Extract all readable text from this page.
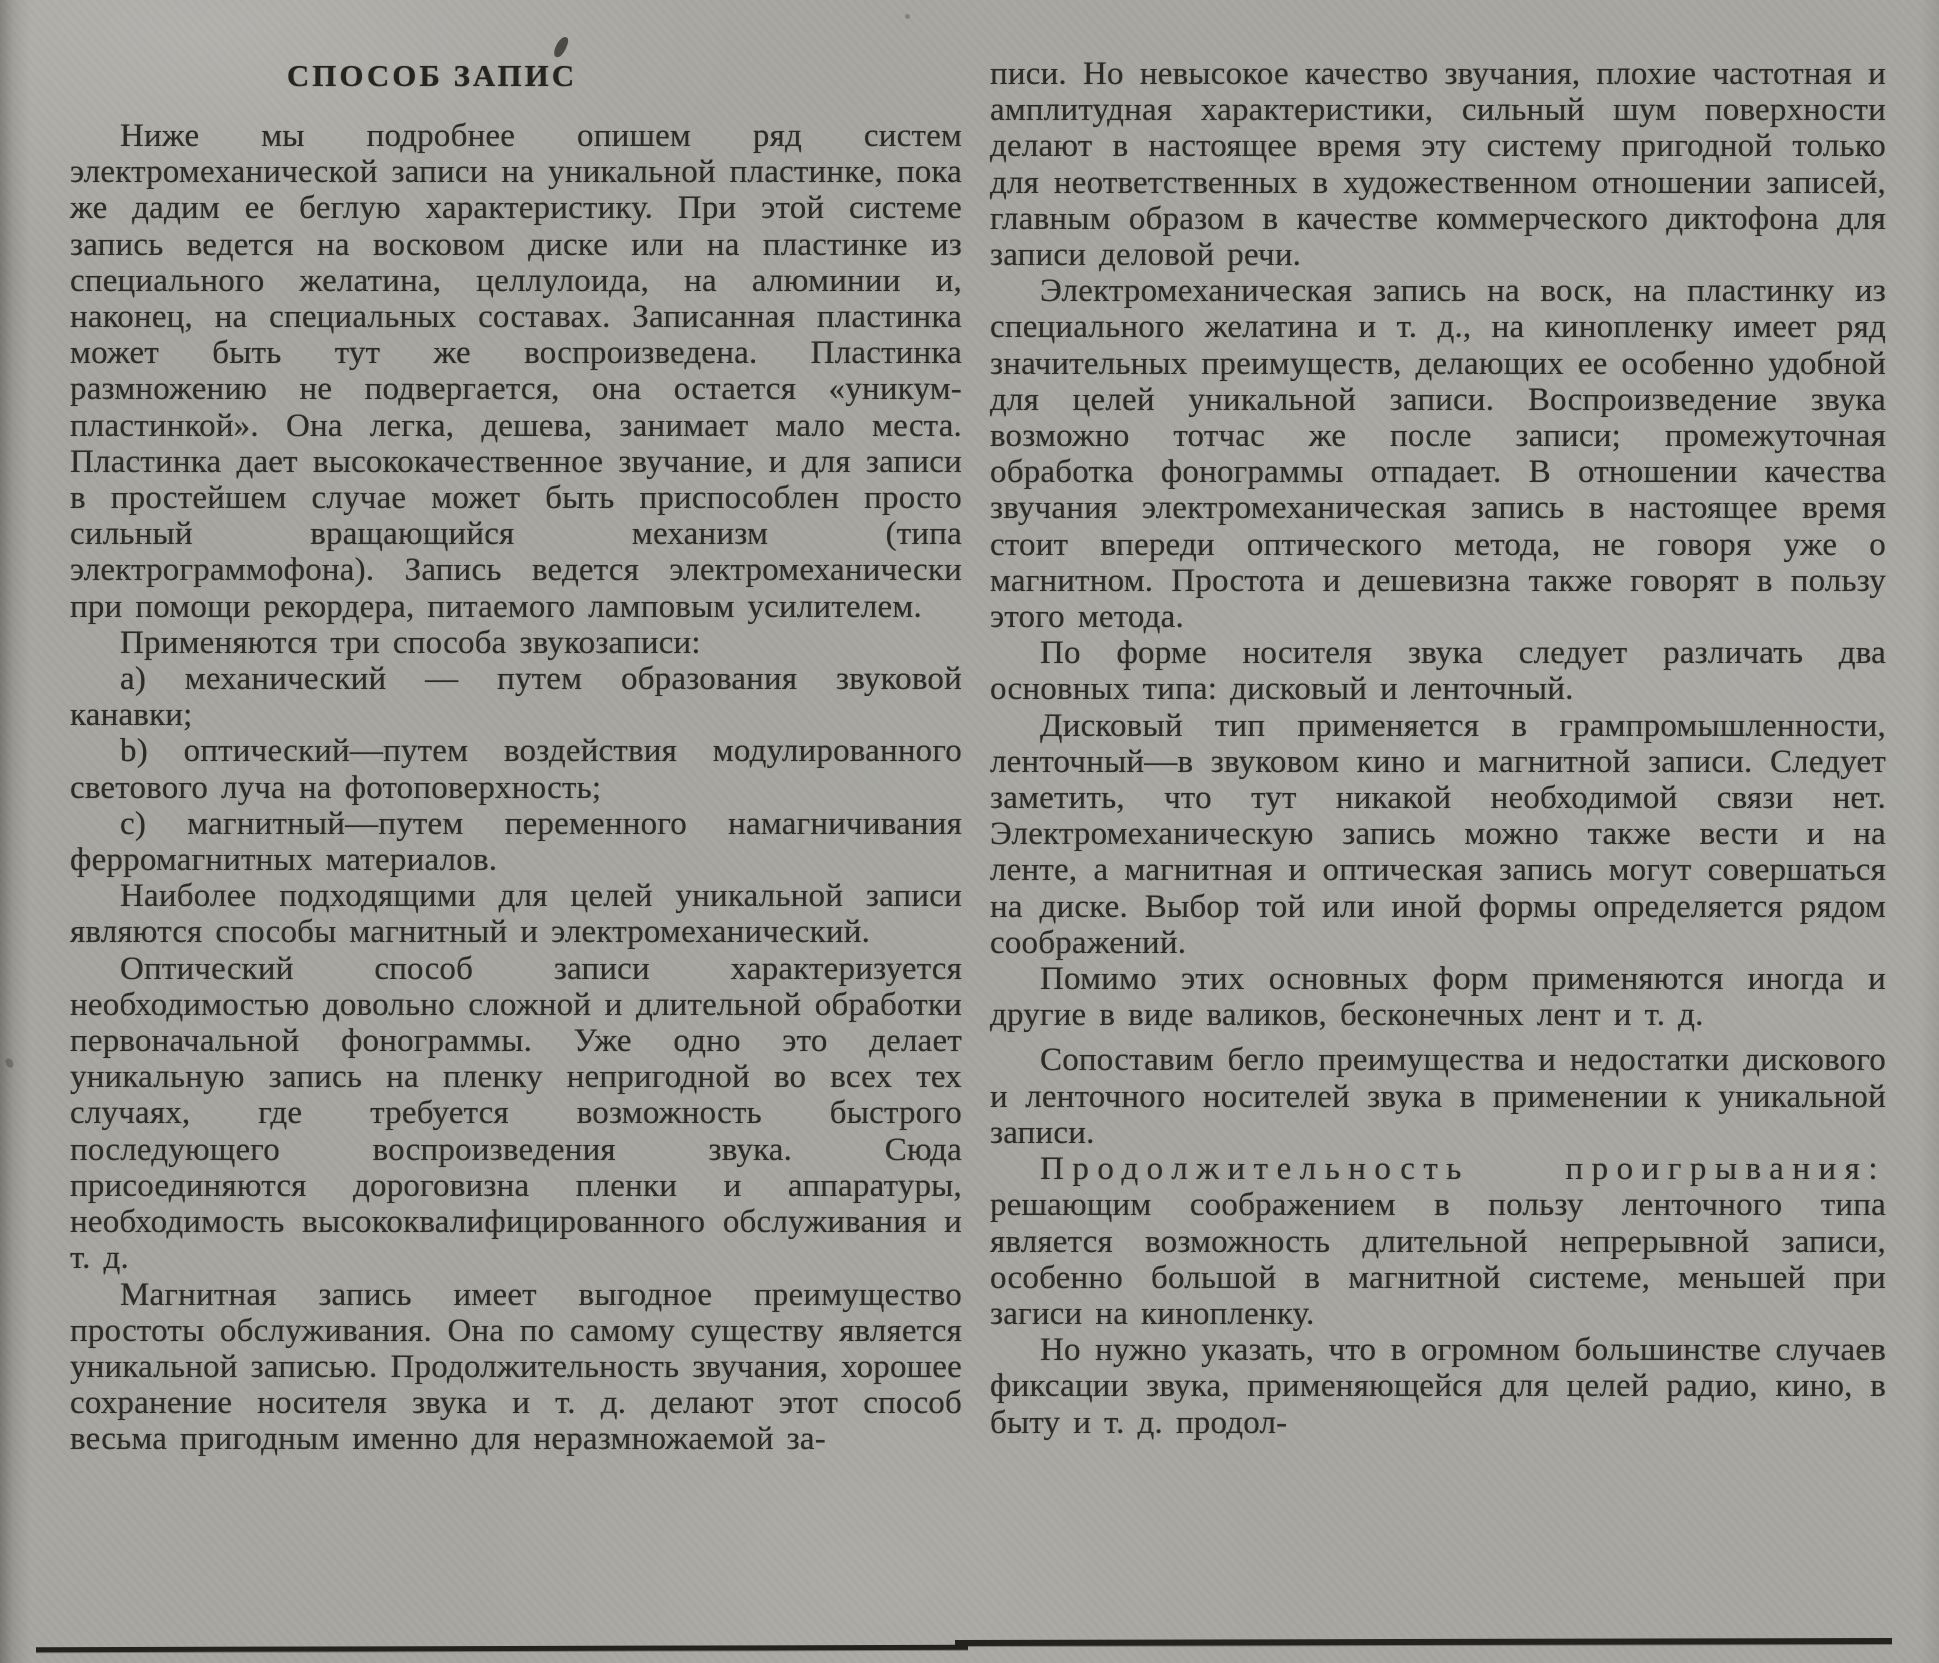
СПОСОБ ЗАПИС

Ниже мы подробнее опишем ряд систем электромеханической записи на уникальной пластинке, пока же дадим ее беглую характеристику. При этой системе запись ведется на восковом диске или на пластинке из специального желатина, целлулоида, на алюминии и, наконец, на специальных составах. Записанная пластинка может быть тут же воспроизведена. Пластинка размножению не подвергается, она остается «уникум-пластинкой». Она легка, дешева, занимает мало места. Пластинка дает высококачественное звучание, и для записи в простейшем случае может быть приспособлен просто сильный вращающийся механизм (типа электрограммофона). Запись ведется электромеханически при помощи рекордера, питаемого ламповым усилителем.

Применяются три способа звукозаписи:

а) механический — путем образования звуковой канавки;

b) оптический—путем воздействия модулированного светового луча на фотоповерхность;

с) магнитный—путем переменного намагничивания ферромагнитных материалов.

Наиболее подходящими для целей уникальной записи являются способы магнитный и электромеханический.

Оптический способ записи характеризуется необходимостью довольно сложной и длительной обработки первоначальной фонограммы. Уже одно это делает уникальную запись на пленку непригодной во всех тех случаях, где требуется возможность быстрого последующего воспроизведения звука. Сюда присоединяются дороговизна пленки и аппаратуры, необходимость высококвалифицированного обслуживания и т. д.

Магнитная запись имеет выгодное преимущество простоты обслуживания. Она по самому существу является уникальной записью. Продолжительность звучания, хорошее сохранение носителя звука и т. д. делают этот способ весьма пригодным именно для неразмножаемой за-

писи. Но невысокое качество звучания, плохие частотная и амплитудная характеристики, сильный шум поверхности делают в настоящее время эту систему пригодной только для неответственных в художественном отношении записей, главным образом в качестве коммерческого диктофона для записи деловой речи.

Электромеханическая запись на воск, на пластинку из специального желатина и т. д., на кинопленку имеет ряд значительных преимуществ, делающих ее особенно удобной для целей уникальной записи. Воспроизведение звука возможно тотчас же после записи; промежуточная обработка фонограммы отпадает. В отношении качества звучания электромеханическая запись в настоящее время стоит впереди оптического метода, не говоря уже о магнитном. Простота и дешевизна также говорят в пользу этого метода.

По форме носителя звука следует различать два основных типа: дисковый и ленточный.

Дисковый тип применяется в грампромышленности, ленточный—в звуковом кино и магнитной записи. Следует заметить, что тут никакой необходимой связи нет. Электромеханическую запись можно также вести и на ленте, а магнитная и оптическая запись могут совершаться на диске. Выбор той или иной формы определяется рядом соображений.

Помимо этих основных форм применяются иногда и другие в виде валиков, бесконечных лент и т. д.

Сопоставим бегло преимущества и недостатки дискового и ленточного носителей звука в применении к уникальной записи.

Продолжительность проигрывания: решающим соображением в пользу ленточного типа является возможность длительной непрерывной записи, особенно большой в магнитной системе, меньшей при загиси на кинопленку.

Но нужно указать, что в огромном большинстве случаев фиксации звука, применяющейся для целей радио, кино, в быту и т. д. продол-
